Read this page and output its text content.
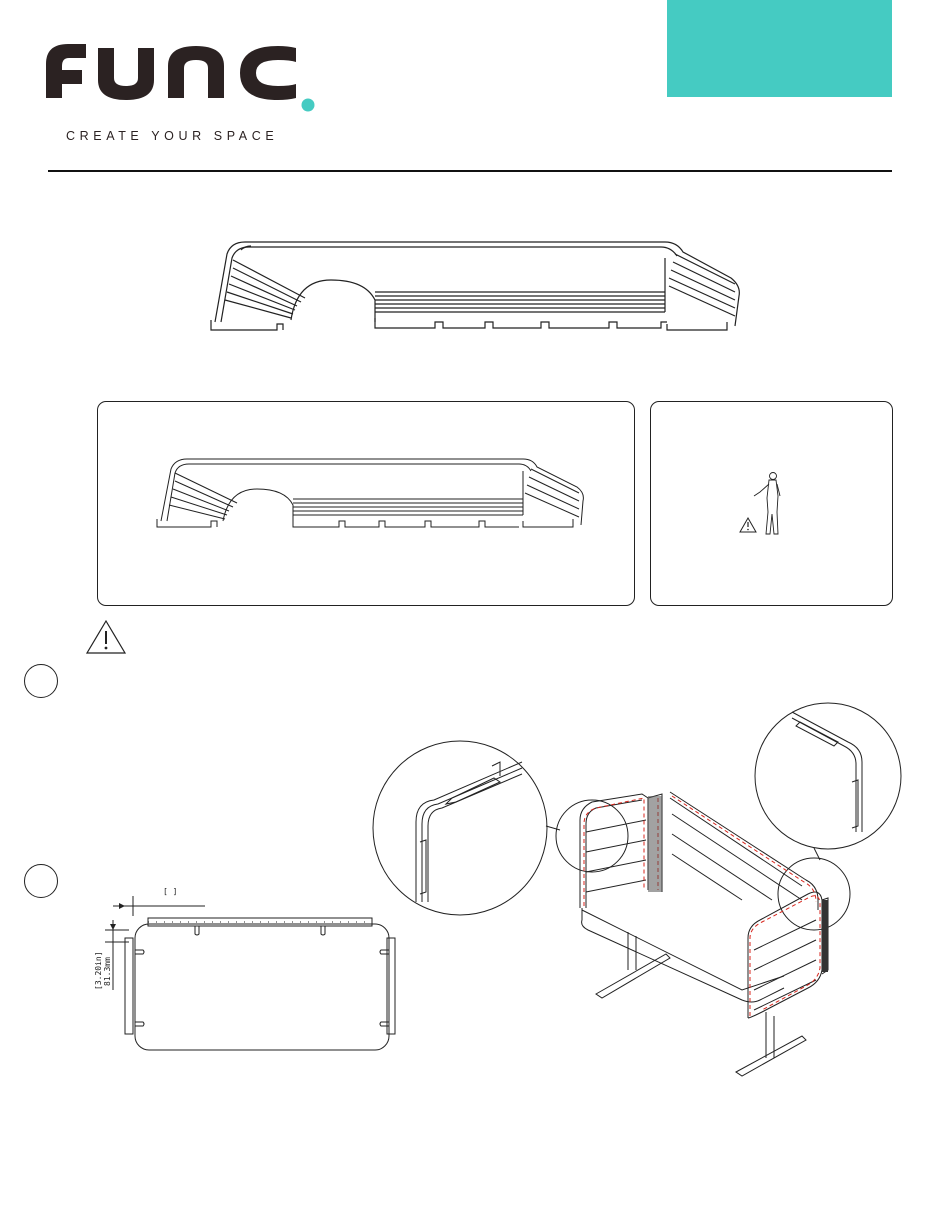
func
CREATE YOUR SPACE
[ ]
[3.20in] 81.3mm
